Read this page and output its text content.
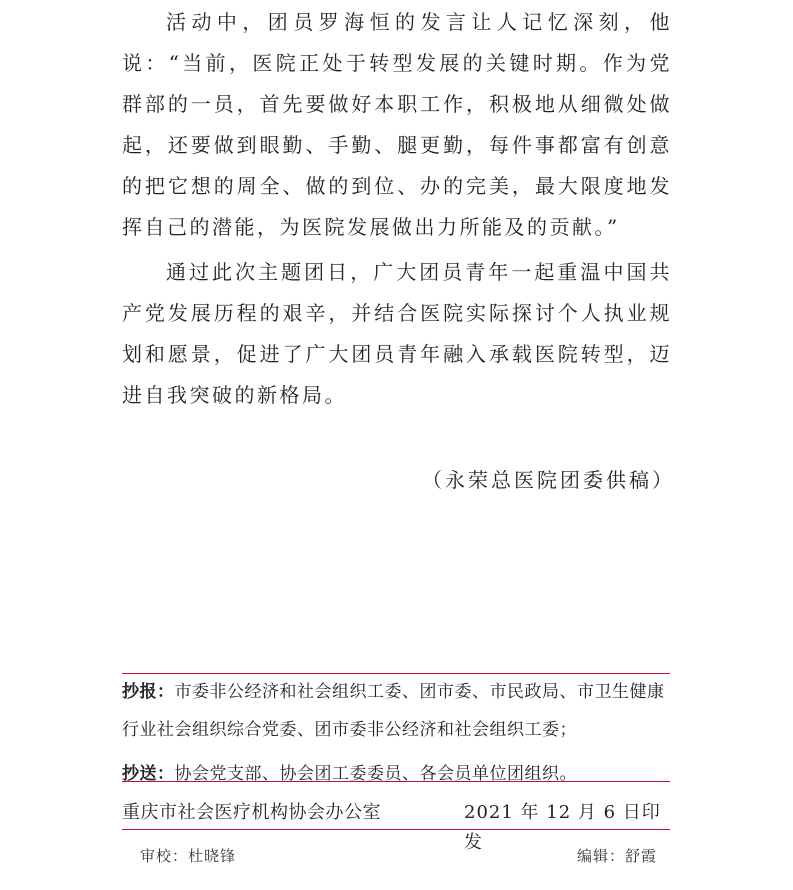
活动中，团员罗海恒的发言让人记忆深刻，他说：“当前，医院正处于转型发展的关键时期。作为党群部的一员，首先要做好本职工作，积极地从细微处做起，还要做到眼勤、手勤、腿更勤，每件事都富有创意的把它想的周全、做的到位、办的完美，最大限度地发挥自己的潜能，为医院发展做出力所能及的贡献。”

通过此次主题团日，广大团员青年一起重温中国共产党发展历程的艰辛，并结合医院实际探讨个人执业规划和愿景，促进了广大团员青年融入承载医院转型，迈进自我突破的新格局。

（永荣总医院团委供稿）

抄报：市委非公经济和社会组织工委、团市委、市民政局、市卫生健康行业社会组织综合党委、团市委非公经济和社会组织工委；

抄送：协会党支部、协会团工委委员、各会员单位团组织。

重庆市社会医疗机构协会办公室	2021 年 12 月 6 日印发
审校：杜晓锋	编辑：舒霞
